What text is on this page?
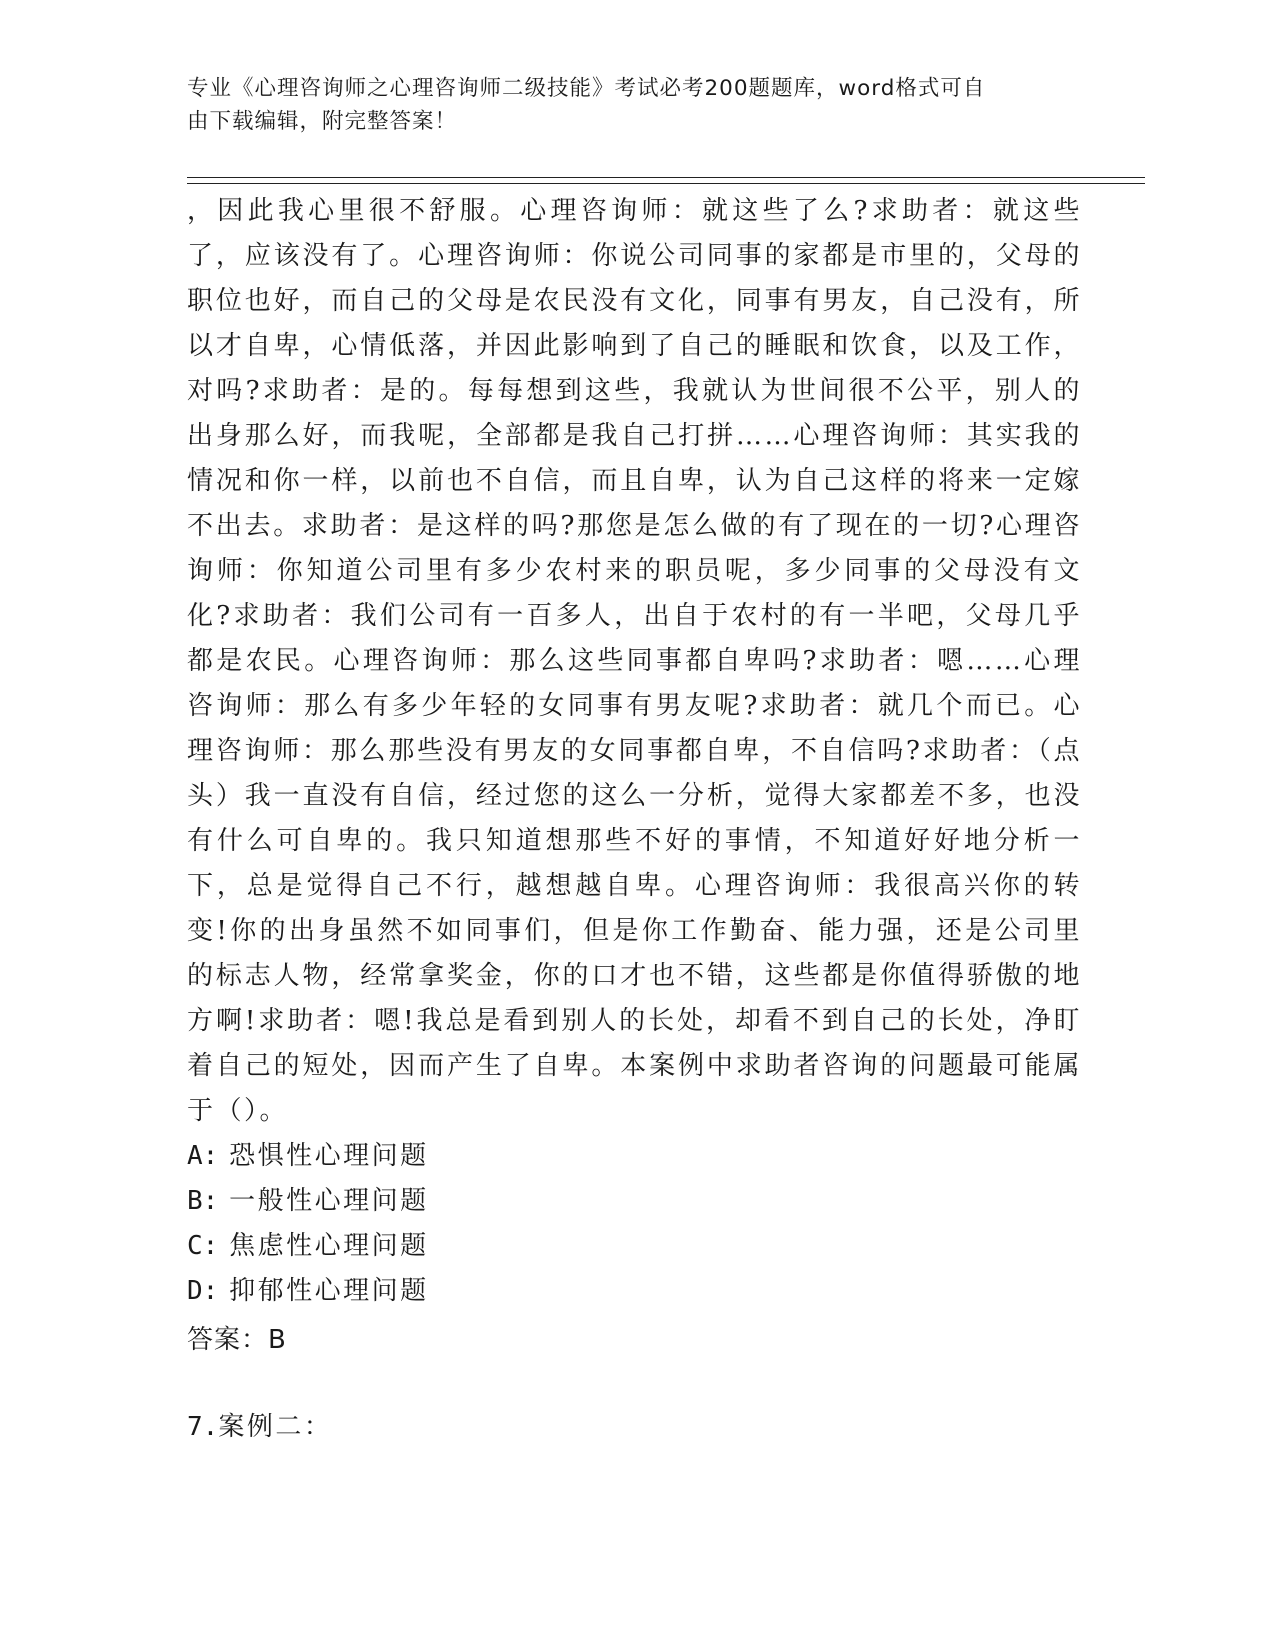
专业《心理咨询师之心理咨询师二级技能》考试必考200题题库，word格式可自
由下载编辑，附完整答案！

，因此我心里很不舒服。心理咨询师：就这些了么?求助者：就这些了，应该没有了。心理咨询师：你说公司同事的家都是市里的，父母的职位也好，而自己的父母是农民没有文化，同事有男友，自己没有，所以才自卑，心情低落，并因此影响到了自己的睡眠和饮食，以及工作，对吗?求助者：是的。每每想到这些，我就认为世间很不公平，别人的出身那么好，而我呢，全部都是我自己打拼……心理咨询师：其实我的情况和你一样，以前也不自信，而且自卑，认为自己这样的将来一定嫁不出去。求助者：是这样的吗?那您是怎么做的有了现在的一切?心理咨询师：你知道公司里有多少农村来的职员呢，多少同事的父母没有文化?求助者：我们公司有一百多人，出自于农村的有一半吧，父母几乎都是农民。心理咨询师：那么这些同事都自卑吗?求助者：嗯……心理咨询师：那么有多少年轻的女同事有男友呢?求助者：就几个而已。心理咨询师：那么那些没有男友的女同事都自卑，不自信吗?求助者：（点头）我一直没有自信，经过您的这么一分析，觉得大家都差不多，也没有什么可自卑的。我只知道想那些不好的事情，不知道好好地分析一下，总是觉得自己不行，越想越自卑。心理咨询师：我很高兴你的转变!你的出身虽然不如同事们，但是你工作勤奋、能力强，还是公司里的标志人物，经常拿奖金，你的口才也不错，这些都是你值得骄傲的地方啊!求助者：嗯!我总是看到别人的长处，却看不到自己的长处，净盯着自己的短处，因而产生了自卑。本案例中求助者咨询的问题最可能属于（）。

A: 恐惧性心理问题
B: 一般性心理问题
C: 焦虑性心理问题
D: 抑郁性心理问题
答案：B
7.案例二：
